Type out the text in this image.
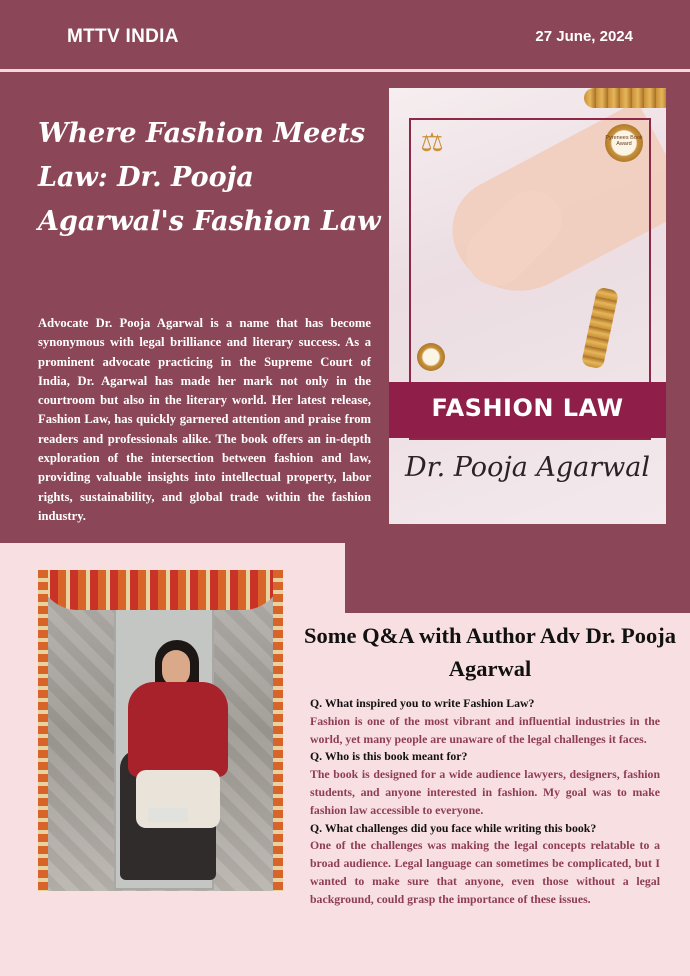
MTTV INDIA	27 June, 2024
Where Fashion Meets Law: Dr. Pooja Agarwal's Fashion Law

Advocate Dr. Pooja Agarwal is a name that has become synonymous with legal brilliance and literary success. As a prominent advocate practicing in the Supreme Court of India, Dr. Agarwal has made her mark not only in the courtroom but also in the literary world. Her latest release, Fashion Law, has quickly garnered attention and praise from readers and professionals alike. The book offers an in-depth exploration of the intersection between fashion and law, providing valuable insights into intellectual property, labor rights, sustainability, and global trade within the fashion industry.

⚖	Pyrenees Book Award
FASHION LAW
Dr. Pooja Agarwal
Some Q&A with Author Adv Dr. Pooja Agarwal
Q. What inspired you to write Fashion Law?
Fashion is one of the most vibrant and influential industries in the world, yet many people are unaware of the legal challenges it faces.
Q. Who is this book meant for?
The book is designed for a wide audience lawyers, designers, fashion students, and anyone interested in fashion. My goal was to make fashion law accessible to everyone.
Q. What challenges did you face while writing this book?
One of the challenges was making the legal concepts relatable to a broad audience. Legal language can sometimes be complicated, but I wanted to make sure that anyone, even those without a legal background, could grasp the importance of these issues.
